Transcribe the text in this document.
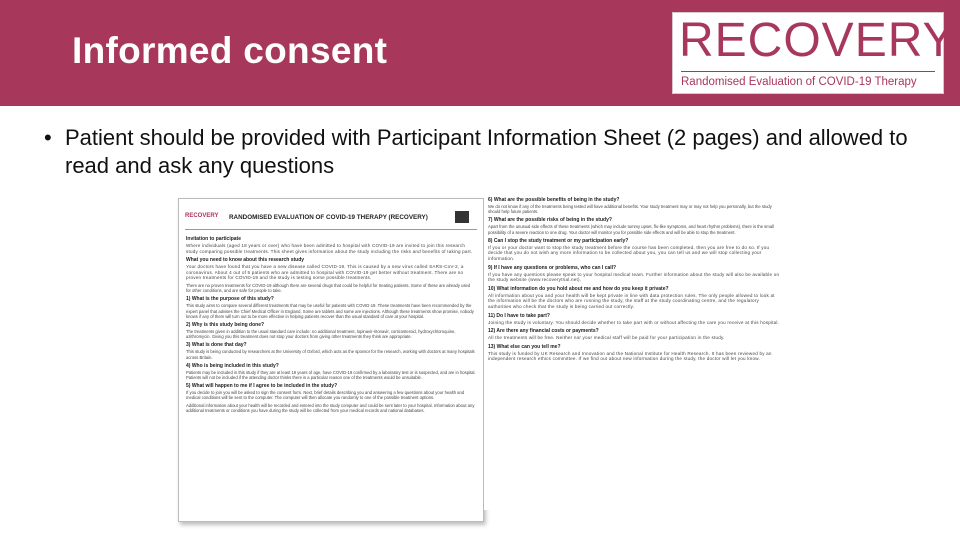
Informed consent	RECOVERY
Randomised Evaluation of COVID-19 Therapy
• Patient should be provided with Participant Information Sheet (2 pages) and allowed to read and ask any questions
RECOVERY RANDOMISED EVALUATION OF COVID-19 THERAPY (RECOVERY)
Invitation to participate
Where individuals (aged 18 years or over) who have been admitted to hospital with COVID-19 are invited to join this research study comparing possible treatments. This sheet gives information about the study including the risks and benefits of taking part.
What you need to know about this research study
Your doctors have found that you have a new disease called COVID-19. This is caused by a new virus called SARS-CoV-2, a coronavirus. About 4 out of 5 patients who are admitted to hospital with COVID-19 get better without treatment. There are no proven treatments for COVID-19 and the study is testing some possible treatments.
There are no proven treatments for COVID-19 although there are several drugs that could be helpful for treating patients. Some of these are already used for other conditions, and are safe for people to take.
1) What is the purpose of this study?
This study aims to compare several different treatments that may be useful for patients with COVID-19. These treatments have been recommended by the expert panel that advises the Chief Medical Officer in England. Some are tablets and some are injections. Although these treatments show promise, nobody knows if any of them will turn out to be more effective in helping patients recover than the usual standard of care at your hospital.
2) Why is this study being done?
The treatments given in addition to the usual standard care include: no additional treatment, lopinavir-ritonavir, corticosteroid, hydroxychloroquine, azithromycin. Giving you this treatment does not stop your doctors from giving other treatments they think are appropriate.
3) What is done that day?
This study is being conducted by researchers at the University of Oxford, which acts as the sponsor for the research, working with doctors at many hospitals across Britain.
4) Who is being included in this study?
Patients may be included in this study if they are at least 18 years of age, have COVID-19 confirmed by a laboratory test or is suspected, and are in hospital. Patients will not be included if the attending doctor thinks there is a particular reason one of the treatments would be unsuitable.
5) What will happen to me if I agree to be included in the study?
If you decide to join you will be asked to sign the consent form. Next, brief details describing you and answering a few questions about your health and medical conditions will be sent to the computer. The computer will then allocate you randomly to one of the possible treatment options.
Additional information about your health will be recorded and entered into the study computer and could be sent later to your hospital. Information about any additional treatments or conditions you have during the study will be collected from your medical records and national databases.
6) What are the possible benefits of being in the study?
We do not know if any of the treatments being tested will have additional benefits. Your study treatment may or may not help you personally, but the study should help future patients.
7) What are the possible risks of being in the study?
Apart from the unusual side effects of these treatments (which may include tummy upset, flu-like symptoms, and heart rhythm problems), there is the small possibility of a severe reaction to one drug. Your doctor will monitor you for possible side effects and will be able to stop the treatment.
8) Can I stop the study treatment or my participation early?
If you or your doctor want to stop the study treatment before the course has been completed, then you are free to do so. If you decide that you do not wish any more information to be collected about you, you can tell us and we will stop collecting your information.
9) If I have any questions or problems, who can I call?
If you have any questions please speak to your hospital medical team. Further information about the study will also be available on the study website (www.recoverytrial.net).
10) What information do you hold about me and how do you keep it private?
All information about you and your health will be kept private in line with data protection rules. The only people allowed to look at the information will be the doctors who are running the study, the staff at the study coordinating centre, and the regulatory authorities who check that the study is being carried out correctly.
11) Do I have to take part?
Joining the study is voluntary. You should decide whether to take part with or without affecting the care you receive at this hospital.
12) Are there any financial costs or payments?
All the treatments will be free. Neither nor your medical staff will be paid for your participation in the study.
13) What else can you tell me?
This study is funded by UK Research and Innovation and the National Institute for Health Research. It has been reviewed by an independent research ethics committee. If we find out about new information during the study, the doctor will let you know.
